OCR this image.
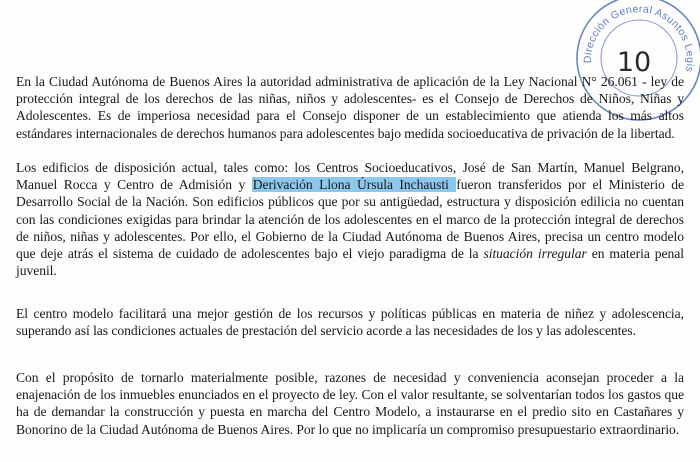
Dirección General Asuntos Legis
10

En la Ciudad Autónoma de Buenos Aires la autoridad administrativa de aplicación de la Ley Nacional N° 26.061 - ley de protección integral de los derechos de las niñas, niños y adolescentes- es el Consejo de Derechos de Niños, Niñas y Adolescentes. Es de imperiosa necesidad para el Consejo disponer de un establecimiento que atienda los más altos estándares internacionales de derechos humanos para adolescentes bajo medida socioeducativa de privación de la libertad.

Los edificios de disposición actual, tales como: los Centros Socioeducativos, José de San Martín, Manuel Belgrano, Manuel Rocca y Centro de Admisión y Derivación Llona Úrsula Inchausti fueron transferidos por el Ministerio de Desarrollo Social de la Nación. Son edificios públicos que por su antigüedad, estructura y disposición edilicia no cuentan con las condiciones exigidas para brindar la atención de los adolescentes en el marco de la protección integral de derechos de niños, niñas y adolescentes. Por ello, el Gobierno de la Ciudad Autónoma de Buenos Aires, precisa un centro modelo que deje atrás el sistema de cuidado de adolescentes bajo el viejo paradigma de la situación irregular en materia penal juvenil.

El centro modelo facilitará una mejor gestión de los recursos y políticas públicas en materia de niñez y adolescencia, superando así las condiciones actuales de prestación del servicio acorde a las necesidades de los y las adolescentes.

Con el propósito de tornarlo materialmente posible, razones de necesidad y conveniencia aconsejan proceder a la enajenación de los inmuebles enunciados en el proyecto de ley. Con el valor resultante, se solventarían todos los gastos que ha de demandar la construcción y puesta en marcha del Centro Modelo, a instaurarse en el predio sito en Castañares y Bonorino de la Ciudad Autónoma de Buenos Aires. Por lo que no implicaría un compromiso presupuestario extraordinario.
